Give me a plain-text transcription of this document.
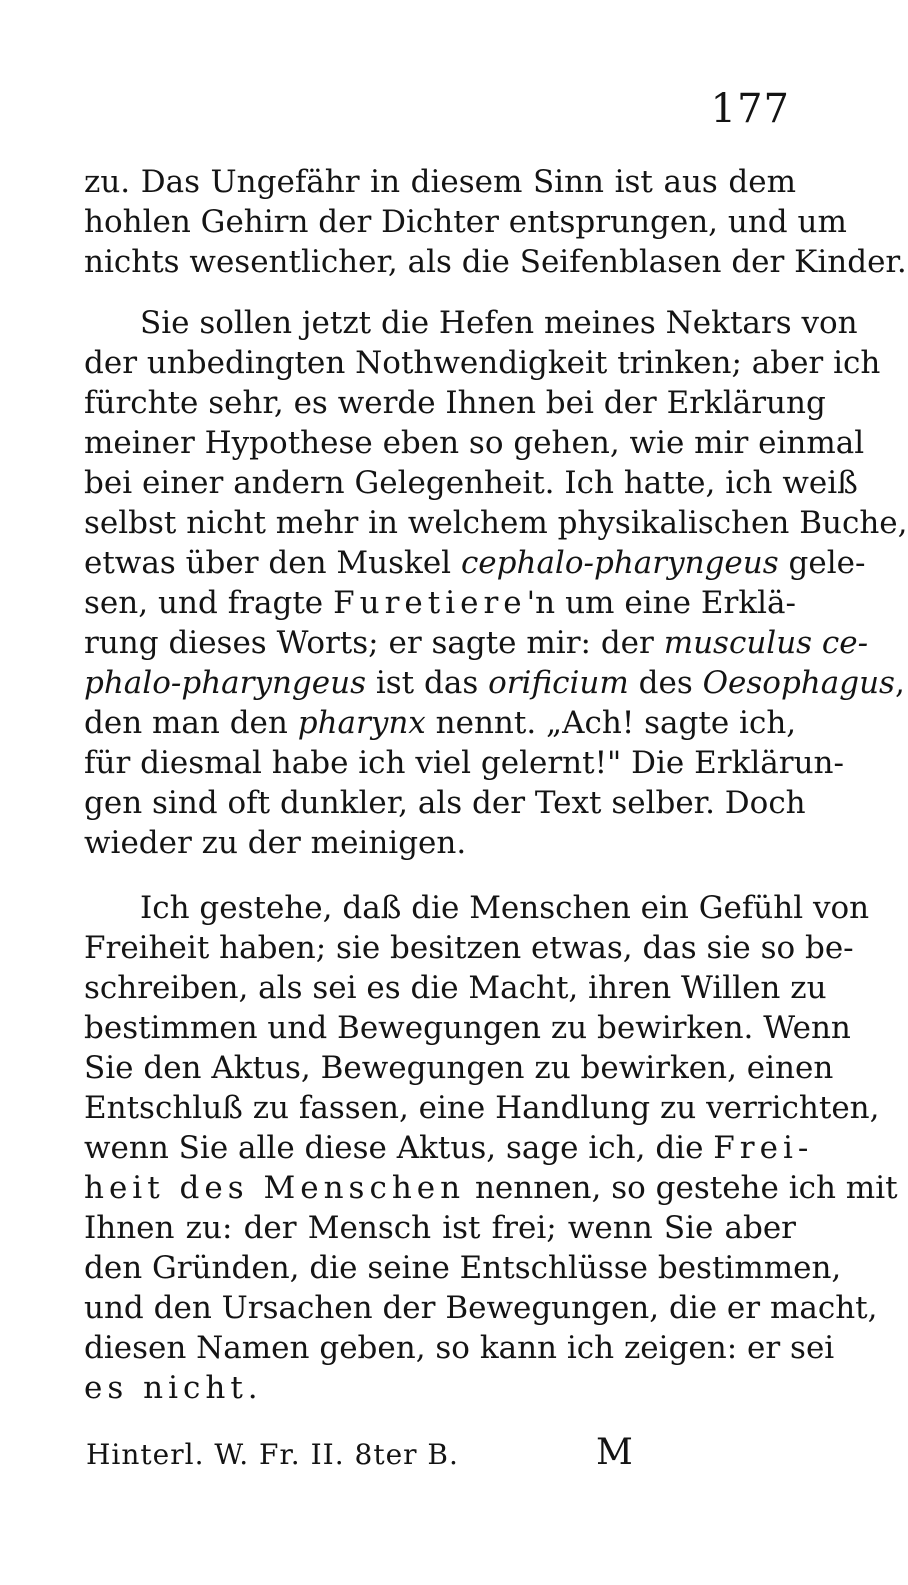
177
zu. Das Ungefähr in diesem Sinn ist aus dem
hohlen Gehirn der Dichter entsprungen, und um
nichts wesentlicher, als die Seifenblasen der Kinder.
Sie sollen jetzt die Hefen meines Nektars von
der unbedingten Nothwendigkeit trinken; aber ich
fürchte sehr, es werde Ihnen bei der Erklärung
meiner Hypothese eben so gehen, wie mir einmal
bei einer andern Gelegenheit. Ich hatte, ich weiß
selbst nicht mehr in welchem physikalischen Buche,
etwas über den Muskel cephalo-pharyngeus gele-
sen, und fragte Furetiere'n um eine Erklä-
rung dieses Worts; er sagte mir: der musculus ce-
phalo-pharyngeus ist das orificium des Oesophagus,
den man den pharynx nennt. „Ach! sagte ich,
für diesmal habe ich viel gelernt!" Die Erklärun-
gen sind oft dunkler, als der Text selber. Doch
wieder zu der meinigen.
Ich gestehe, daß die Menschen ein Gefühl von
Freiheit haben; sie besitzen etwas, das sie so be-
schreiben, als sei es die Macht, ihren Willen zu
bestimmen und Bewegungen zu bewirken. Wenn
Sie den Aktus, Bewegungen zu bewirken, einen
Entschluß zu fassen, eine Handlung zu verrichten,
wenn Sie alle diese Aktus, sage ich, die Frei-
heit des Menschen nennen, so gestehe ich mit
Ihnen zu: der Mensch ist frei; wenn Sie aber
den Gründen, die seine Entschlüsse bestimmen,
und den Ursachen der Bewegungen, die er macht,
diesen Namen geben, so kann ich zeigen: er sei
es nicht.
Hinterl. W. Fr. II. 8ter B.	M
